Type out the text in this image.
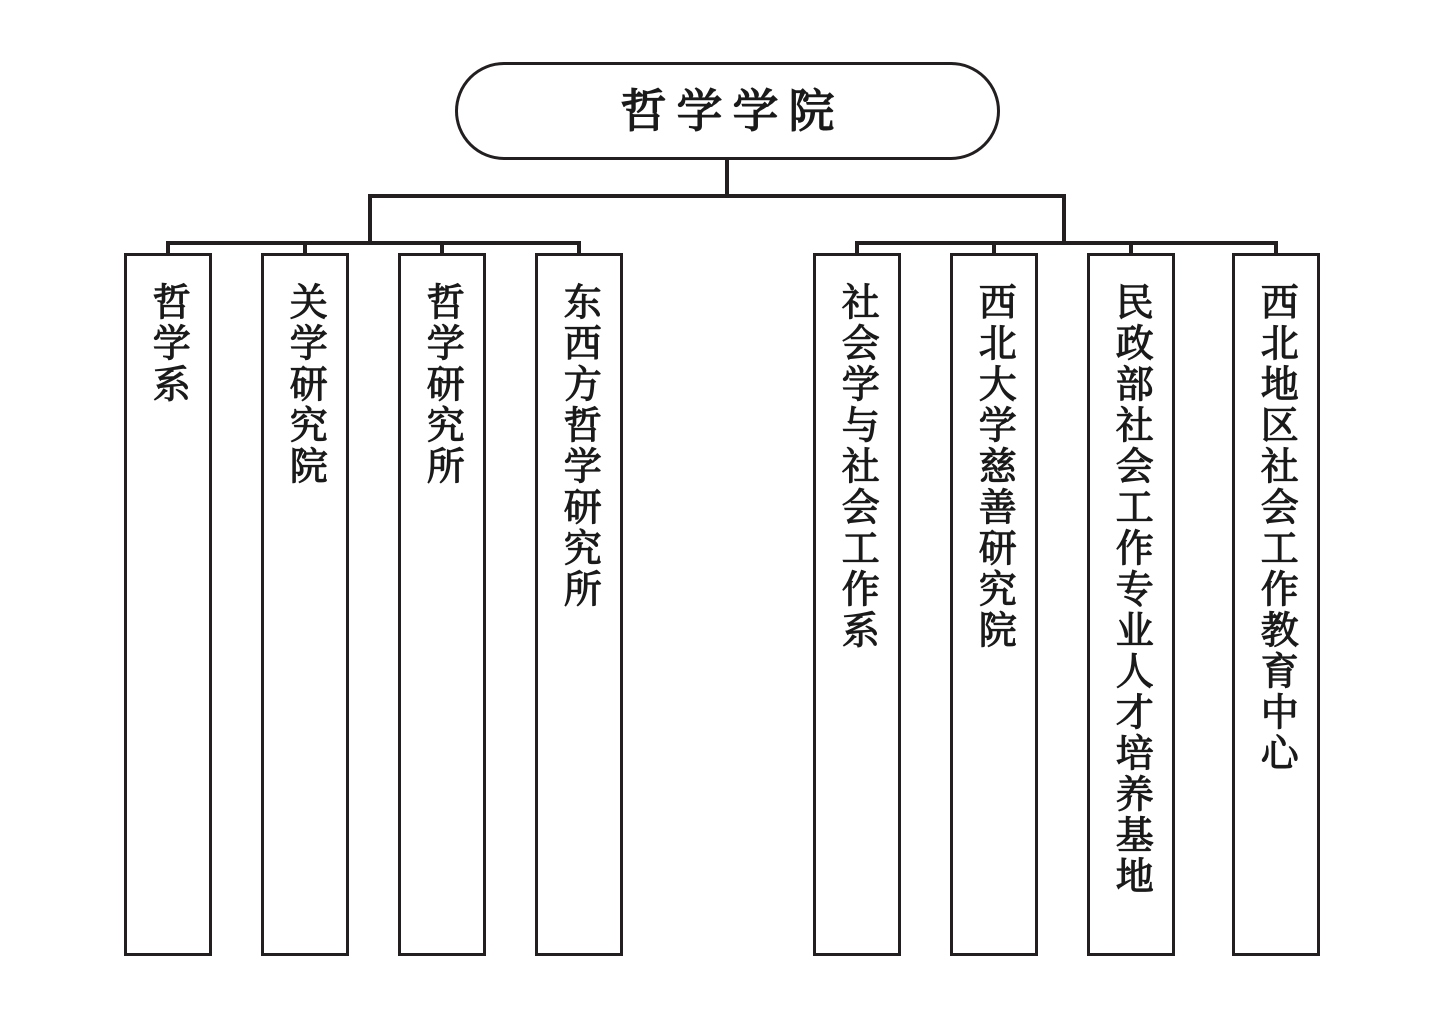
哲学学院
哲学系 关学研究院 哲学研究所 东西方哲学研究所	社会学与社会工作系 西北大学慈善研究院 民政部社会工作专业人才培养基地	西北地区社会工作教育中心
